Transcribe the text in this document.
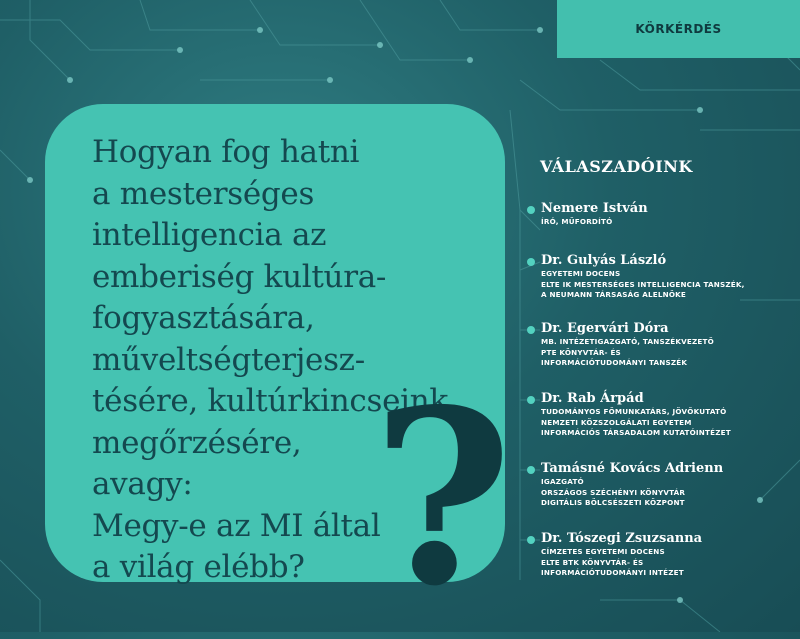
KÖRKÉRDÉS
Hogyan fog hatni
a mesterséges
intelligencia az
emberiség kultúra-
fogyasztására,
műveltségterjesz-
tésére, kultúrkincseink
megőrzésére,
avagy:
Megy-e az MI által
a világ elébb? ?
VÁLASZADÓINK
Nemere István
ÍRÓ, MŰFORDÍTÓ
Dr. Gulyás László
EGYETEMI DOCENS
ELTE IK MESTERSÉGES INTELLIGENCIA TANSZÉK,
A NEUMANN TÁRSASÁG ALELNÖKE
Dr. Egervári Dóra
MB. INTÉZETIGAZGATÓ, TANSZÉKVEZETŐ
PTE KÖNYVTÁR- ÉS
INFORMÁCIÓTUDOMÁNYI TANSZÉK
Dr. Rab Árpád
TUDOMÁNYOS FŐMUNKATÁRS, JÖVŐKUTATÓ
NEMZETI KÖZSZOLGÁLATI EGYETEM
INFORMÁCIÓS TÁRSADALOM KUTATÓINTÉZET
Tamásné Kovács Adrienn
IGAZGATÓ
ORSZÁGOS SZÉCHÉNYI KÖNYVTÁR
DIGITÁLIS BÖLCSÉSZETI KÖZPONT
Dr. Tószegi Zsuzsanna
CÍMZETES EGYETEMI DOCENS
ELTE BTK KÖNYVTÁR- ÉS
INFORMÁCIÓTUDOMÁNYI INTÉZET
